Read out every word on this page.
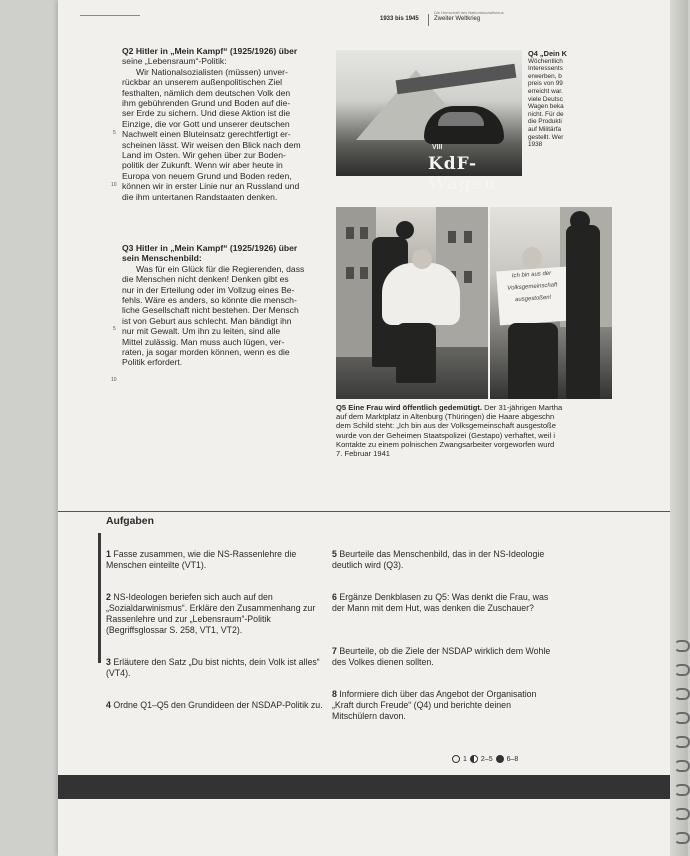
Die Herrschaft des Nationalsozialismus
1933 bis 1945	Zweiter Weltkrieg
Q2 Hitler in „Mein Kampf“ (1925/1926) über
seine „Lebensraum“-Politik:

Wir Nationalsozialisten (müssen) unver-

rückbar an unserem außenpolitischen Ziel

festhalten, nämlich dem deutschen Volk den

ihm gebührenden Grund und Boden auf die-

ser Erde zu sichern. Und diese Aktion ist die

Einzige, die vor Gott und unserer deutschen

Nachwelt einen Bluteinsatz gerechtfertigt er-

scheinen lässt. Wir weisen den Blick nach dem

Land im Osten. Wir gehen über zur Boden-

politik der Zukunft. Wenn wir aber heute in

Europa von neuem Grund und Boden reden,

können wir in erster Linie nur an Russland und

die ihm untertanen Randstaaten denken.

5
10
Q3 Hitler in „Mein Kampf“ (1925/1926) über
sein Menschenbild:

Was für ein Glück für die Regierenden, dass

die Menschen nicht denken! Denken gibt es

nur in der Erteilung oder im Vollzug eines Be-

fehls. Wäre es anders, so könnte die mensch-

liche Gesellschaft nicht bestehen. Der Mensch

ist von Geburt aus schlecht. Man bändigt ihn

nur mit Gewalt. Um ihn zu leiten, sind alle

Mittel zulässig. Man muss auch lügen, ver-

raten, ja sogar morden können, wenn es die

Politik erfordert.

5
10
VIII
KdF-Wagen
Q4 „Dein K
Wöchentlich
Interessents
erwerben, b
preis von 99
erreicht war.
viele Deutsc
Wagen beka
nicht. Für de
die Produkti
auf Militärfa
gestellt. Wer
1938
Ich bin aus der
Volksgemeinschaft
ausgestoßen!
Q5 Eine Frau wird öffentlich gedemütigt. Der 31-jährigen Martha
auf dem Marktplatz in Altenburg (Thüringen) die Haare abgeschn
dem Schild steht: „Ich bin aus der Volksgemeinschaft ausgestoße
wurde von der Geheimen Staatspolizei (Gestapo) verhaftet, weil i
Kontakte zu einem polnischen Zwangsarbeiter vorgeworfen wurd
7. Februar 1941
Aufgaben
1 Fasse zusammen, wie die NS-Rassenlehre die Menschen einteilte (VT1).
2 NS-Ideologen beriefen sich auch auf den „Sozialdarwinismus“. Erkläre den Zusammenhang zur Rassenlehre und zur „Lebensraum“-Politik (Begriffsglossar S. 258, VT1, VT2).
3 Erläutere den Satz „Du bist nichts, dein Volk ist alles“ (VT4).
4 Ordne Q1–Q5 den Grundideen der NSDAP-Politik zu.
5 Beurteile das Menschenbild, das in der NS-Ideologie deutlich wird (Q3).
6 Ergänze Denkblasen zu Q5: Was denkt die Frau, was der Mann mit dem Hut, was denken die Zuschauer?
7 Beurteile, ob die Ziele der NSDAP wirklich dem Wohle des Volkes dienen sollten.
8 Informiere dich über das Angebot der Organisation „Kraft durch Freude“ (Q4) und berichte deinen Mitschülern davon.
1 2–5 6–8
